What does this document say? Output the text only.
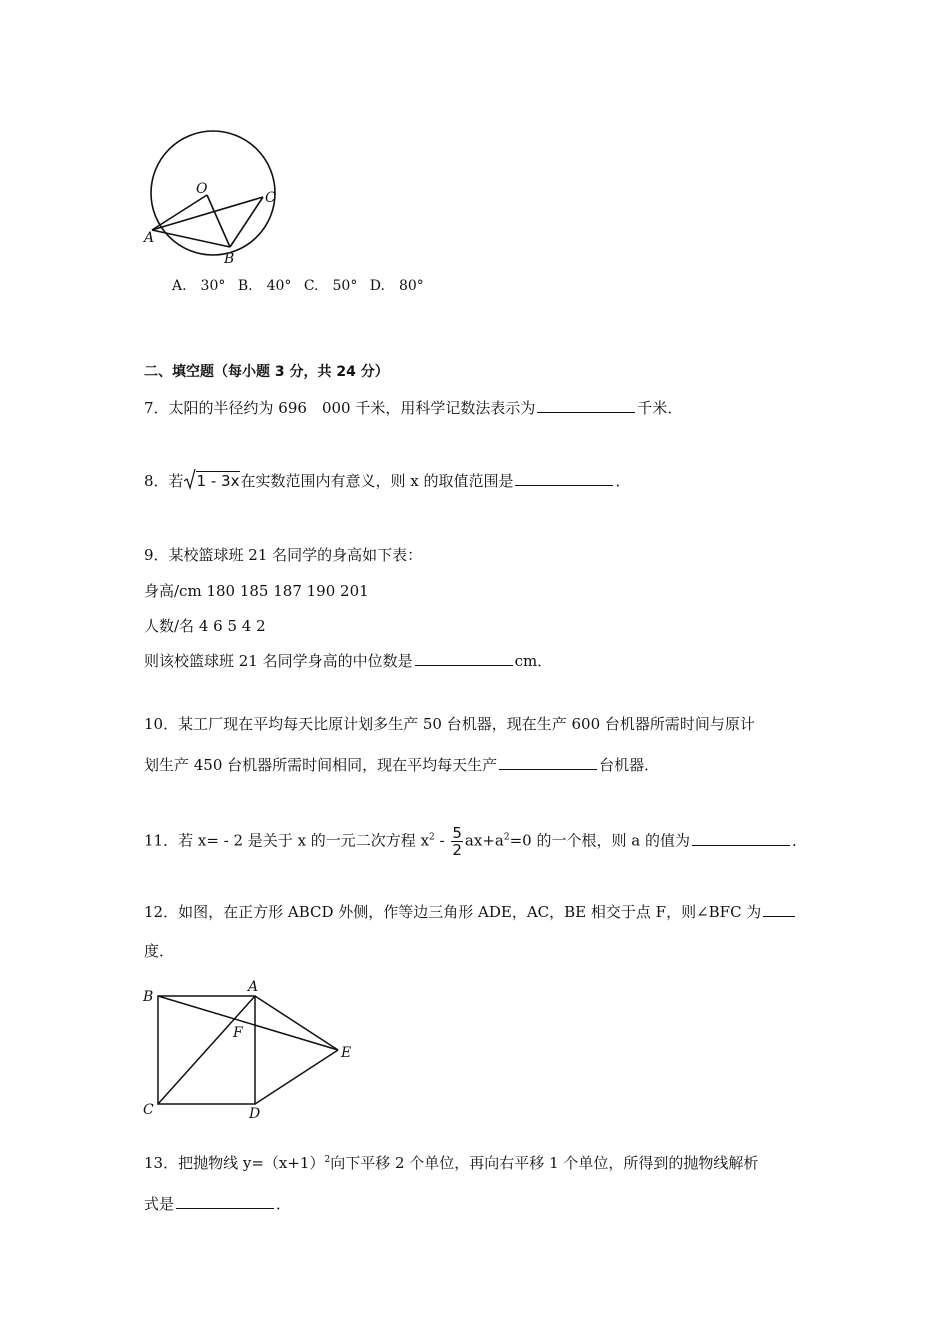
O
A
B
C
A.　30° B.　40° C.　50° D.　80°
二、填空题（每小题 3 分，共 24 分）
7．太阳的半径约为 696　000 千米，用科学记数法表示为	千米．
8．若 1 - 3x在实数范围内有意义，则 x 的取值范围是	．
9．某校篮球班 21 名同学的身高如下表：
身高/cm 180 185 187 190 201
人数/名 4 6 5 4 2
则该校篮球班 21 名同学身高的中位数是	cm．
10．某工厂现在平均每天比原计划多生产 50 台机器，现在生产 600 台机器所需时间与原计
划生产 450 台机器所需时间相同，现在平均每天生产	台机器．
11．若 x= - 2 是关于 x 的一元二次方程 $x^2 - \frac{5}{2} ax+a^2=0$ 的一个根，则 a 的值为	．
12．如图，在正方形 ABCD 外侧，作等边三角形 ADE，AC，BE 相交于点 F，则∠BFC 为
度．
B
A
F
E
C	D
13．把抛物线 $y=(x+1)^2$向下平移 2 个单位，再向右平移 1 个单位，所得到的抛物线解析
式是	．
